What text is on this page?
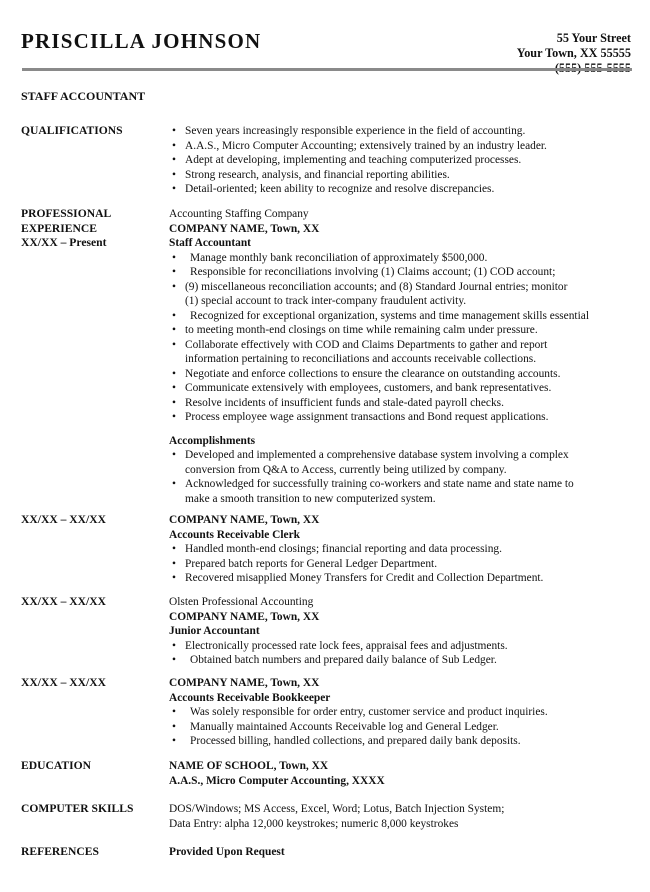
PRISCILLA JOHNSON	55 Your Street
Your Town, XX 55555
STAFF ACCOUNTANT
QUALIFICATIONS
•	Seven years increasingly responsible experience in the field of accounting.
• A.A.S., Micro Computer Accounting; extensively trained by an industry leader.
• Adept at developing, implementing and teaching computerized processes.
• Strong research, analysis, and financial reporting abilities.
• Detail-oriented; keen ability to recognize and resolve discrepancies.
PROFESSIONAL
EXPERIENCE
XX/XX – Present
Accounting Staffing Company
COMPANY NAME, Town, XX
Staff Accountant
• Manage monthly bank reconciliation of approximately $500,000.
• Responsible for reconciliations involving (1) Claims account; (1) COD account;
• (9) miscellaneous reconciliation accounts; and (8) Standard Journal entries; monitor
(1) special account to track inter-company fraudulent activity.
• Recognized for exceptional organization, systems and time management skills essential
• to meeting month-end closings on time while remaining calm under pressure.
• Collaborate effectively with COD and Claims Departments to gather and report
information pertaining to reconciliations and accounts receivable collections.
• Negotiate and enforce collections to ensure the clearance on outstanding accounts.
• Communicate extensively with employees, customers, and bank representatives.
• Resolve incidents of insufficient funds and stale-dated payroll checks.
• Process employee wage assignment transactions and Bond request applications.
Accomplishments
• Developed and implemented a comprehensive database system involving a complex
conversion from Q&A to Access, currently being utilized by company.
• Acknowledged for successfully training co-workers and state name and state name to
make a smooth transition to new computerized system.
XX/XX – XX/XX	COMPANY NAME, Town, XX
Accounts Receivable Clerk
• Handled month-end closings; financial reporting and data processing.
• Prepared batch reports for General Ledger Department.
• Recovered misapplied Money Transfers for Credit and Collection Department.
XX/XX – XX/XX	Olsten Professional Accounting
COMPANY NAME, Town, XX
Junior Accountant
• Electronically processed rate lock fees, appraisal fees and adjustments.
• Obtained batch numbers and prepared daily balance of Sub Ledger.
XX/XX – XX/XX	COMPANY NAME, Town, XX
Accounts Receivable Bookkeeper
• Was solely responsible for order entry, customer service and product inquiries.
• Manually maintained Accounts Receivable log and General Ledger.
• Processed billing, handled collections, and prepared daily bank deposits.
EDUCATION	NAME OF SCHOOL, Town, XX
A.A.S., Micro Computer Accounting, XXXX
COMPUTER SKILLS	DOS/Windows; MS Access, Excel, Word; Lotus, Batch Injection System;
Data Entry: alpha 12,000 keystrokes; numeric 8,000 keystrokes
REFERENCES	Provided Upon Request
